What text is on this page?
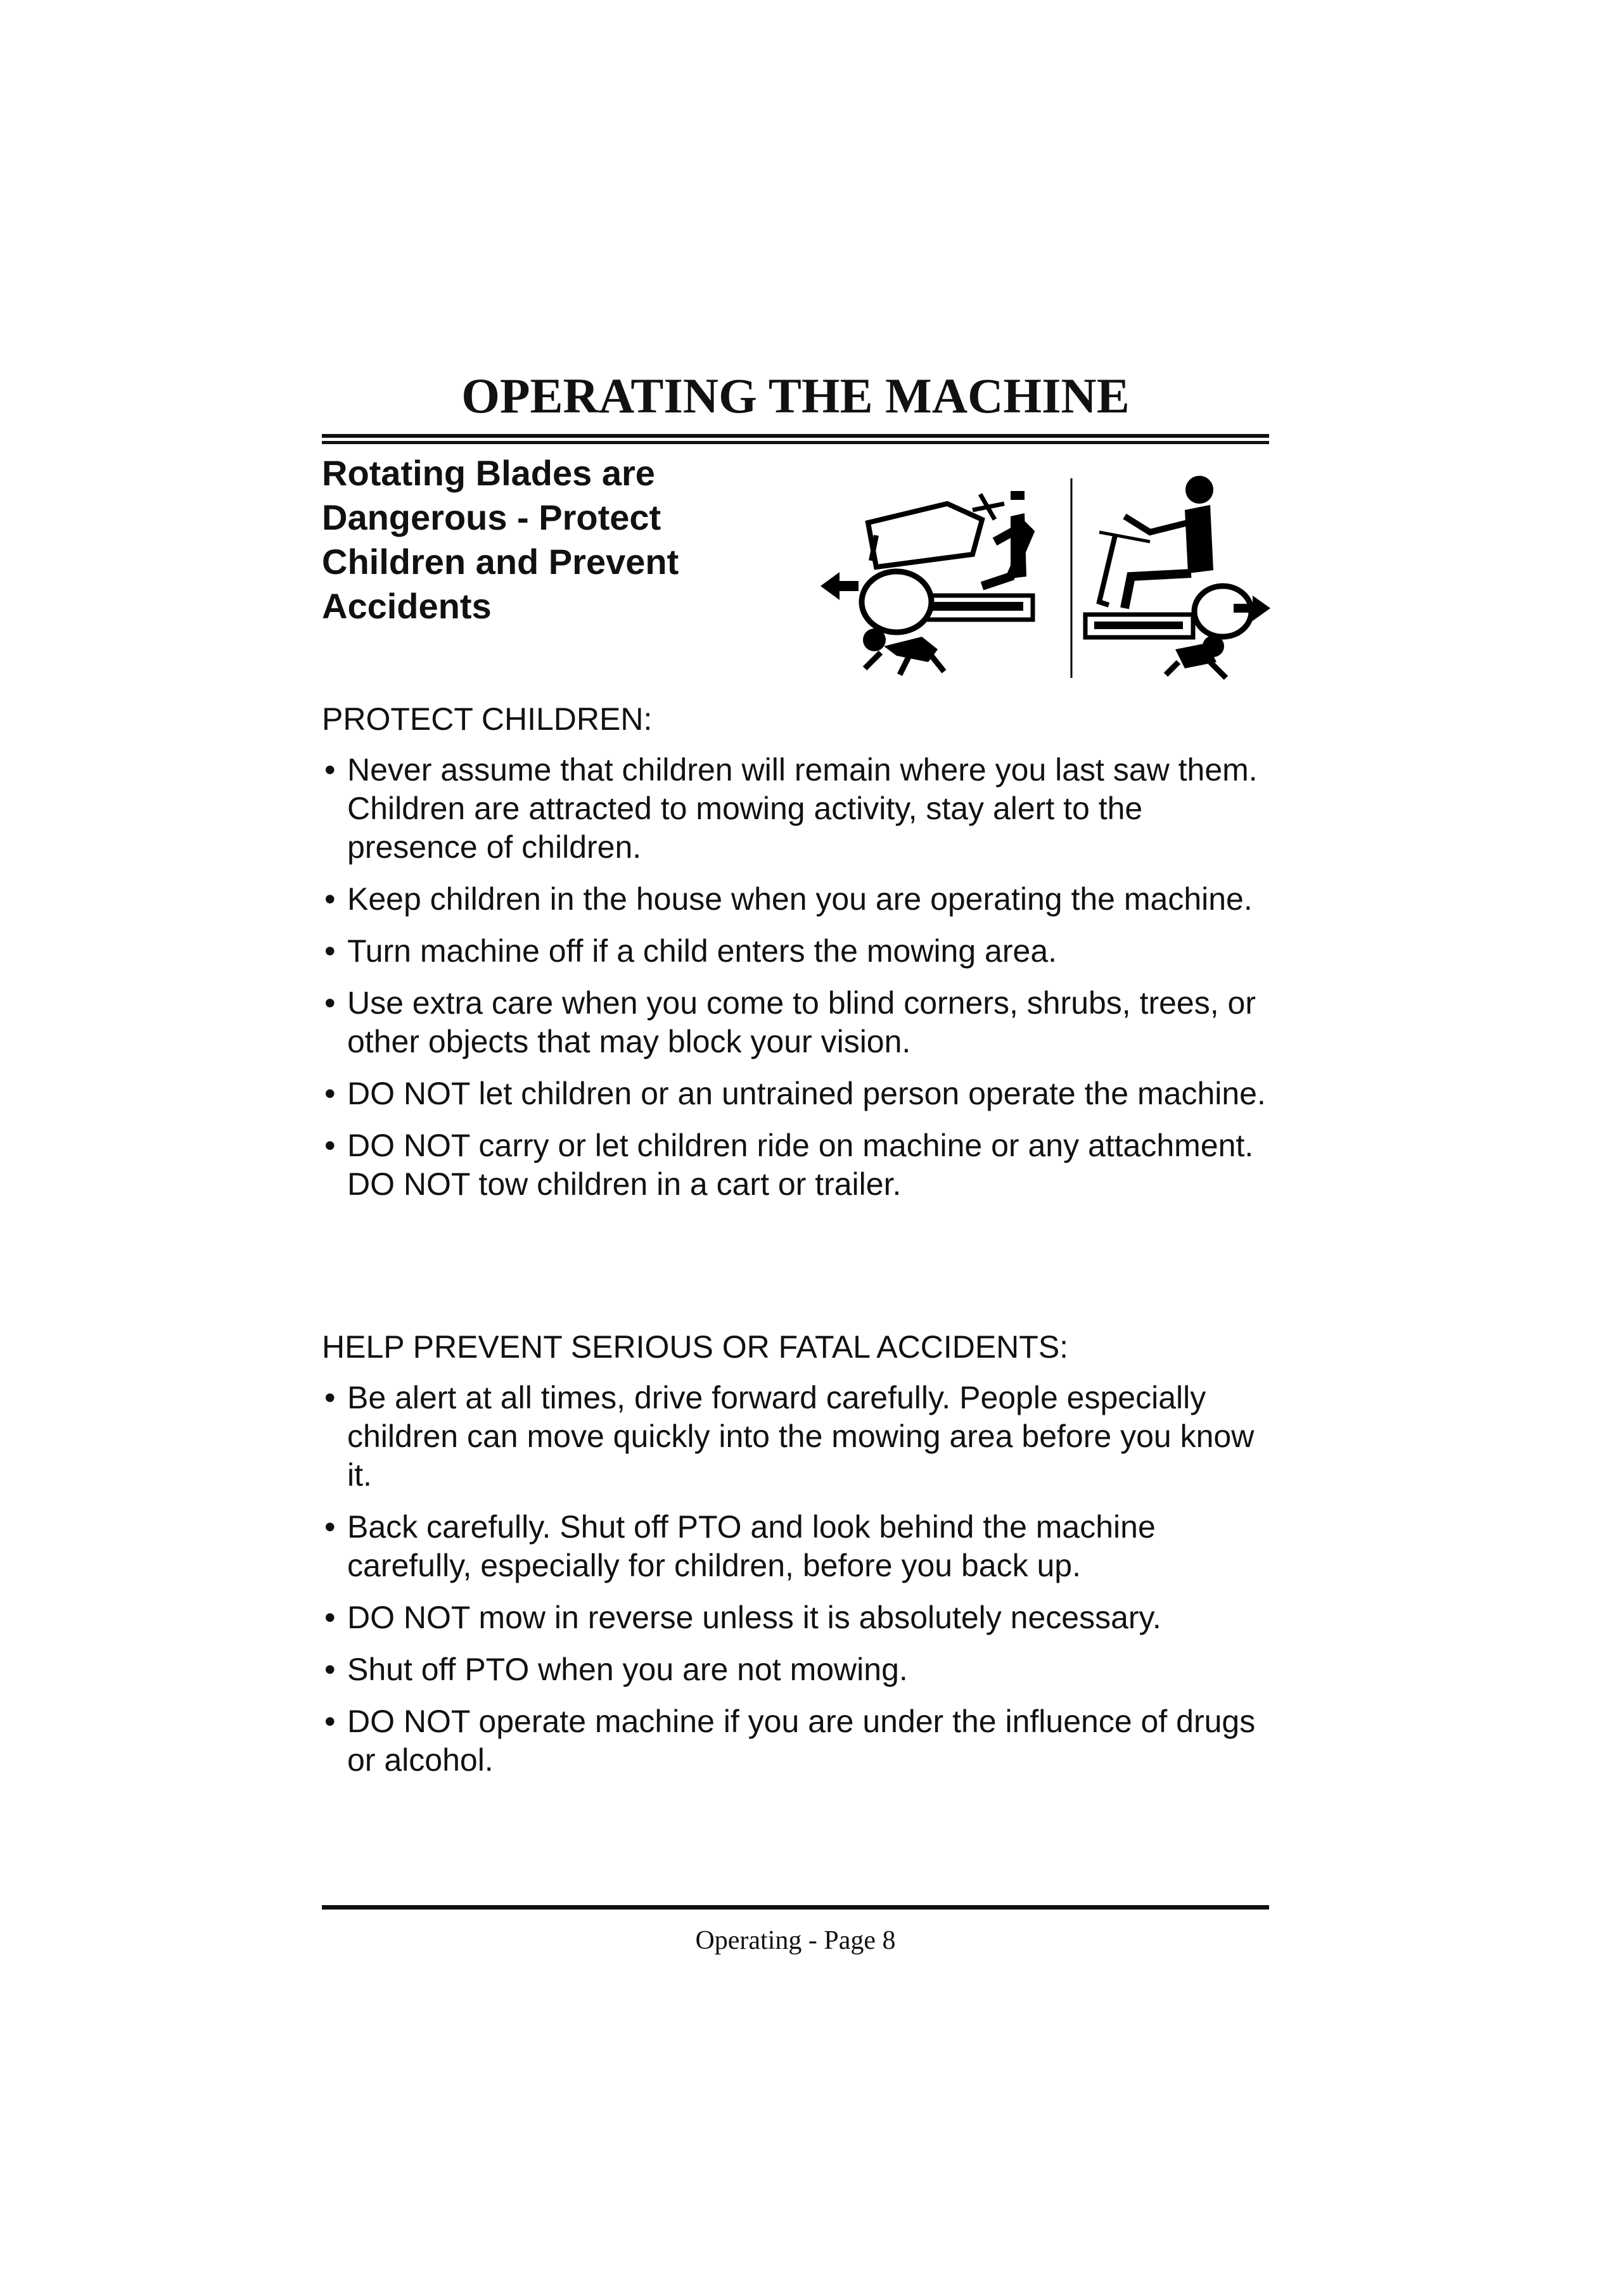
OPERATING THE MACHINE
Rotating Blades are Dangerous - Protect Children and Prevent Accidents

PROTECT CHILDREN:

• Never assume that children will remain where you last saw them. Children are attracted to mowing activity, stay alert to the presence of children.
• Keep children in the house when you are operating the machine.
• Turn machine off if a child enters the mowing area.
• Use extra care when you come to blind corners, shrubs, trees, or other objects that may block your vision.
• DO NOT let children or an untrained person operate the machine.
• DO NOT carry or let children ride on machine or any attachment. DO NOT tow children in a cart or trailer.

HELP PREVENT SERIOUS OR FATAL ACCIDENTS:

• Be alert at all times, drive forward carefully. People especially children can move quickly into the mowing area before you know it.
• Back carefully. Shut off PTO and look behind the machine carefully, especially for children, before you back up.
• DO NOT mow in reverse unless it is absolutely necessary.
• Shut off PTO when you are not mowing.
• DO NOT operate machine if you are under the influence of drugs or alcohol.
Operating - Page 8
